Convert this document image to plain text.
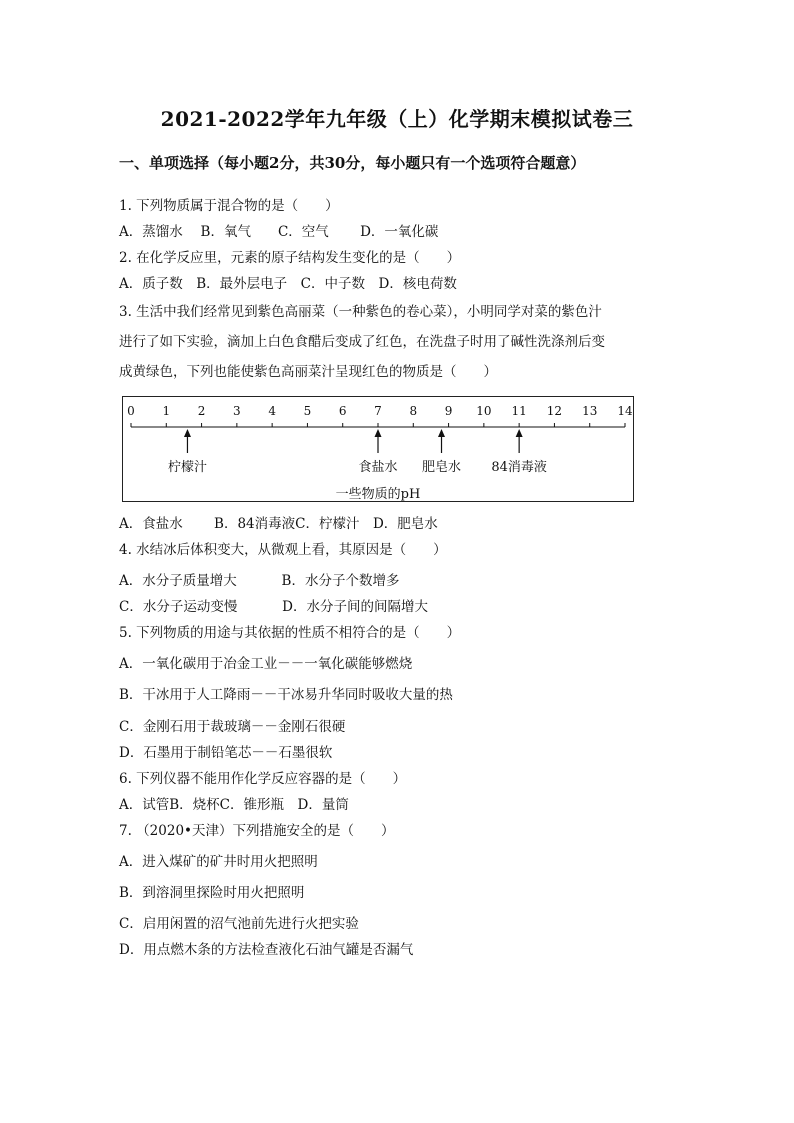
2021-2022学年九年级（上）化学期末模拟试卷三
一、单项选择（每小题2分，共30分，每小题只有一个选项符合题意）
1. 下列物质属于混合物的是（　　）
A．蒸馏水　 B．氧气　　C．空气　　 D．一氧化碳
2. 在化学反应里，元素的原子结构发生变化的是（　　）
A．质子数　B．最外层电子　C．中子数　D．核电荷数
3. 生活中我们经常见到紫色高丽菜（一种紫色的卷心菜），小明同学对菜的紫色汁
进行了如下实验，滴加上白色食醋后变成了红色，在洗盘子时用了碱性洗涤剂后变
成黄绿色，下列也能使紫色高丽菜汁呈现红色的物质是（　　）
0 1 2 3 4 5 6 7 8 9 10 11 12 13 14
柠檬汁	食盐水 肥皂水 84消毒液
一些物质的pH
A．食盐水　　 B．84消毒液C．柠檬汁　D．肥皂水
4. 水结冰后体积变大，从微观上看，其原因是（　　）
A．水分子质量增大　　　 B．水分子个数增多
C．水分子运动变慢　　　 D．水分子间的间隔增大
5. 下列物质的用途与其依据的性质不相符合的是（　　）
A．一氧化碳用于冶金工业－－一氧化碳能够燃烧
B．干冰用于人工降雨－－干冰易升华同时吸收大量的热
C．金刚石用于裁玻璃－－金刚石很硬
D．石墨用于制铅笔芯－－石墨很软
6. 下列仪器不能用作化学反应容器的是（　　）
A．试管B．烧杯C．锥形瓶　D．量筒
7. （2020•天津）下列措施安全的是（　　）
A．进入煤矿的矿井时用火把照明
B．到溶洞里探险时用火把照明
C．启用闲置的沼气池前先进行火把实验
D．用点燃木条的方法检查液化石油气罐是否漏气
